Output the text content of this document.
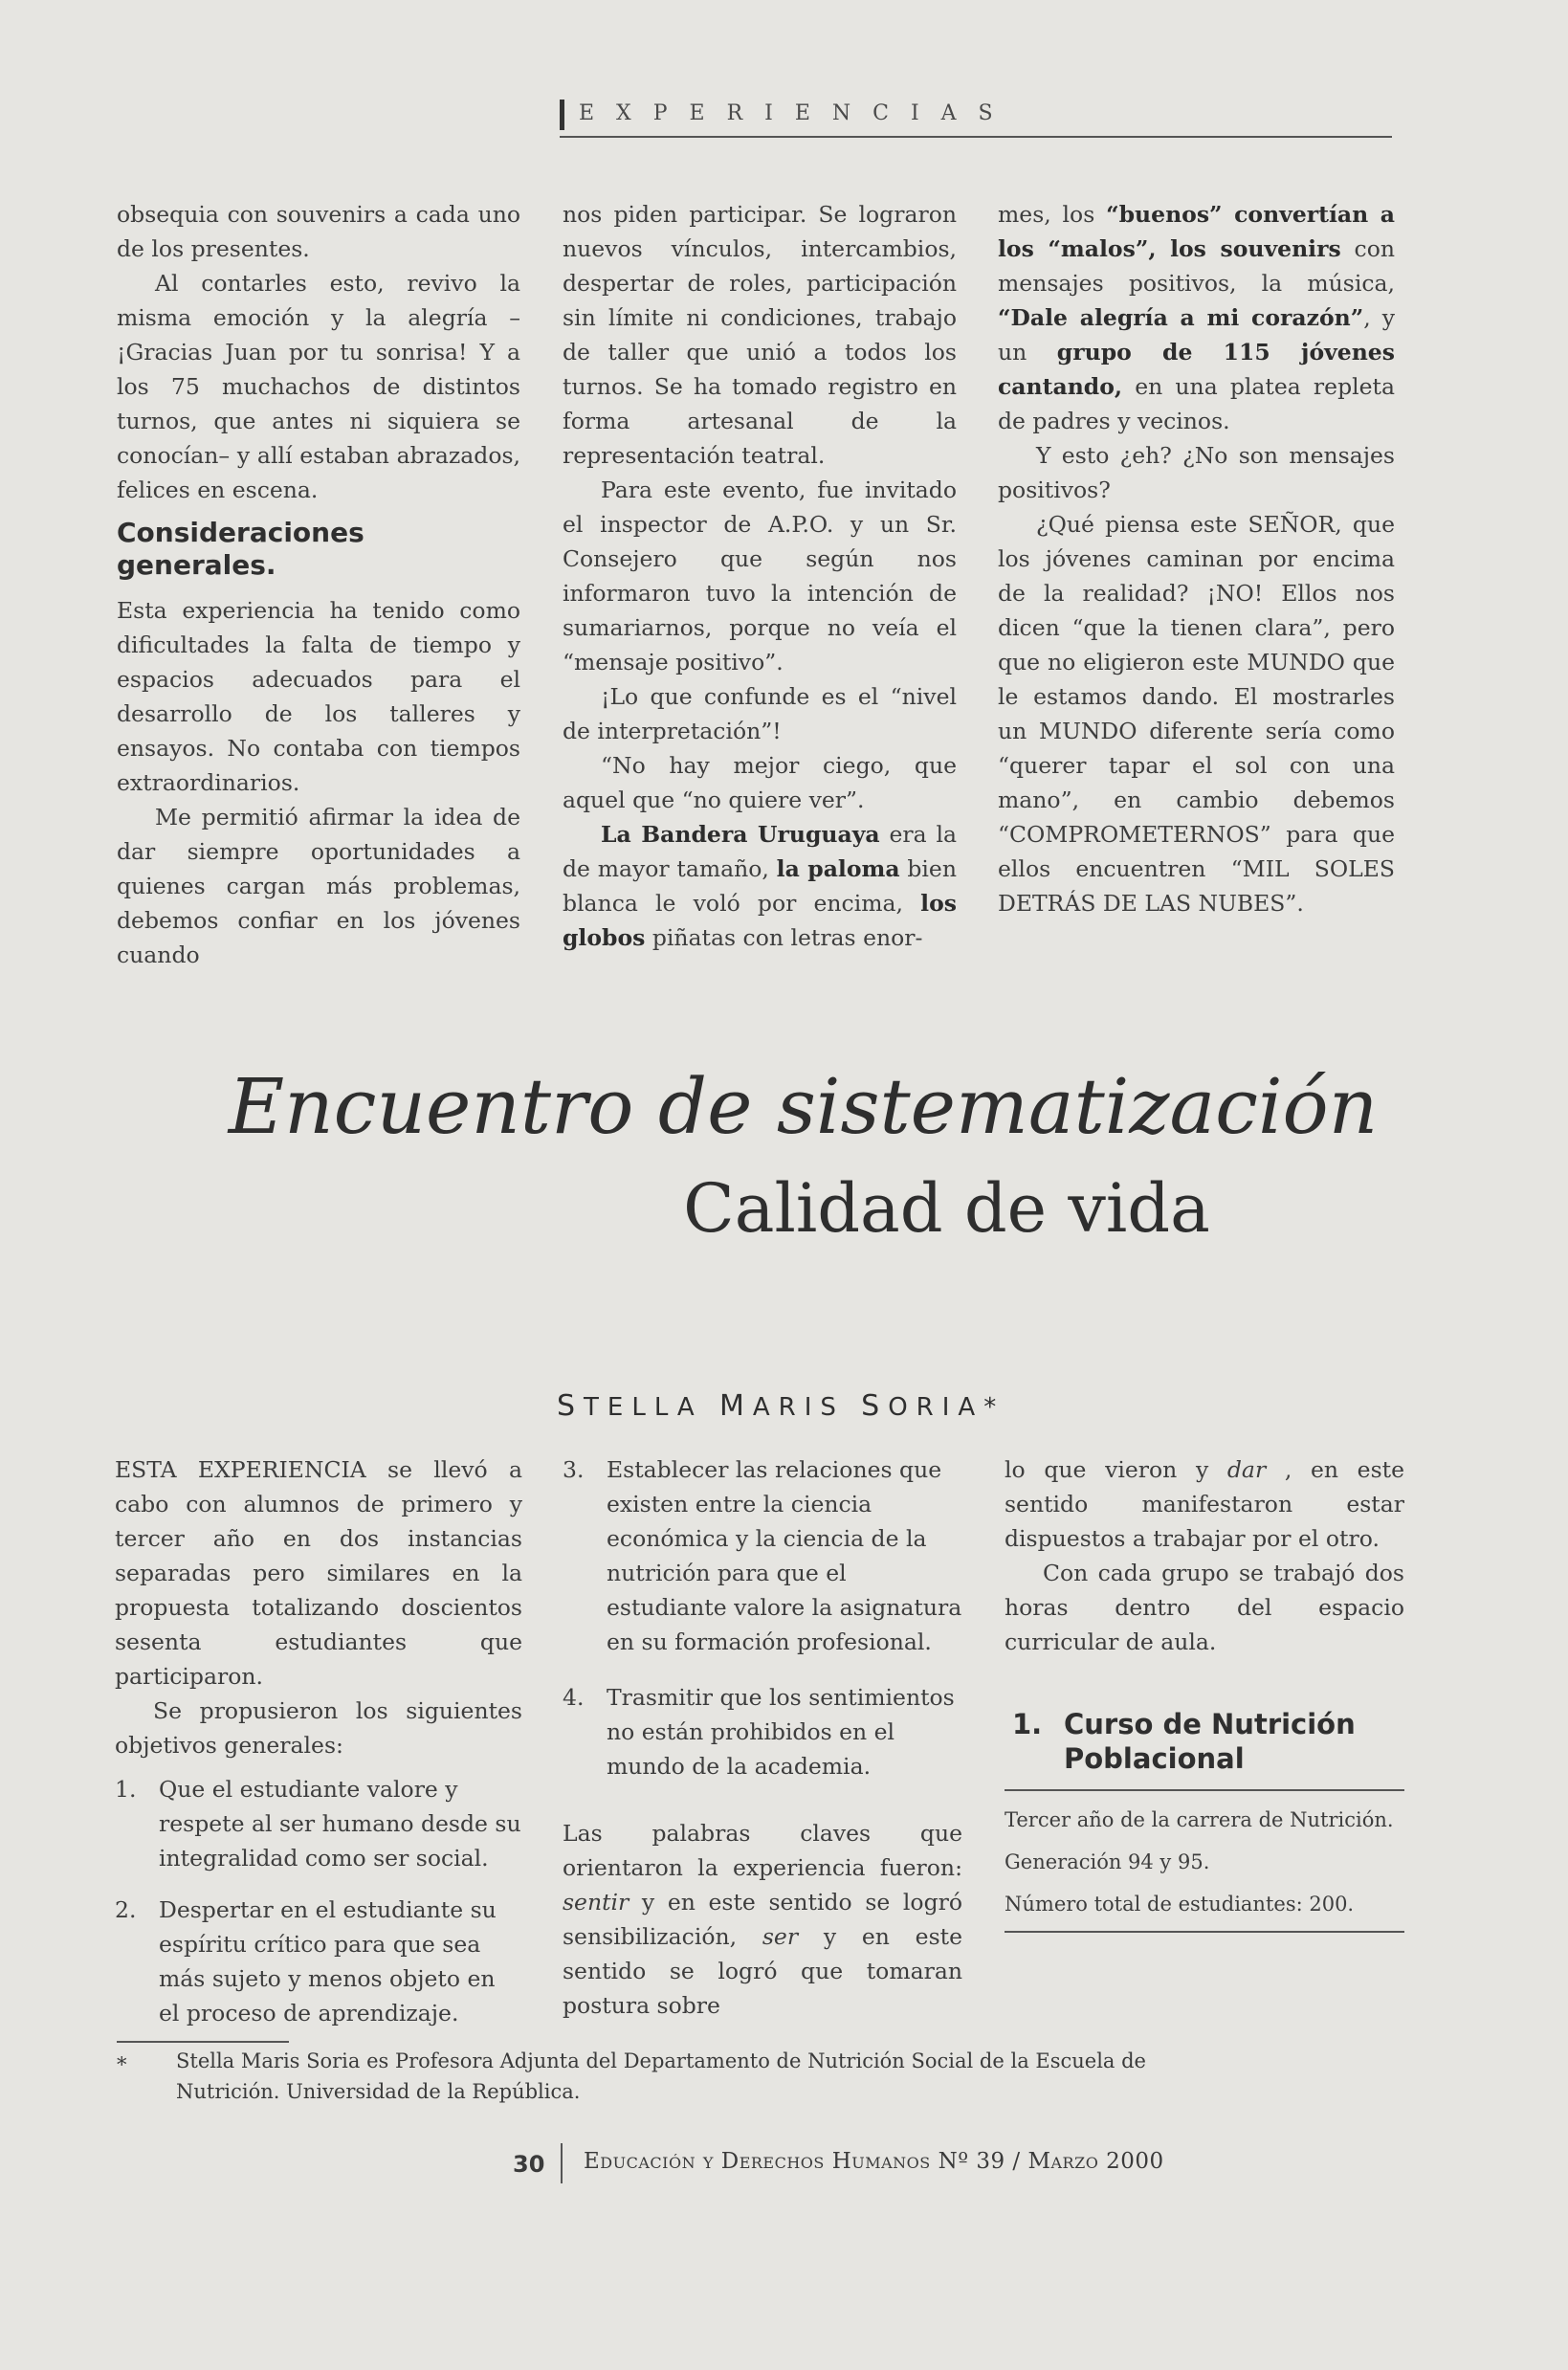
EXPERIENCIAS

obsequia con souvenirs a cada uno de los presentes.

Al contarles esto, revivo la misma emoción y la alegría –¡Gracias Juan por tu sonrisa! Y a los 75 muchachos de distintos turnos, que antes ni siquiera se conocían– y allí estaban abrazados, felices en escena.

Consideraciones generales.

Esta experiencia ha tenido como dificultades la falta de tiempo y espacios adecuados para el desarrollo de los talleres y ensayos. No contaba con tiempos extraordinarios.

Me permitió afirmar la idea de dar siempre oportunidades a quienes cargan más problemas, debemos confiar en los jóvenes cuando

nos piden participar. Se lograron nuevos vínculos, intercambios, despertar de roles, participación sin límite ni condiciones, trabajo de taller que unió a todos los turnos. Se ha tomado registro en forma artesanal de la representación teatral.

Para este evento, fue invitado el inspector de A.P.O. y un Sr. Consejero que según nos informaron tuvo la intención de sumariarnos, porque no veía el “mensaje positivo”.

¡Lo que confunde es el “nivel de interpretación”!

“No hay mejor ciego, que aquel que “no quiere ver”.

La Bandera Uruguaya era la de mayor tamaño, la paloma bien blanca le voló por encima, los globos piñatas con letras enor-

mes, los “buenos” convertían a los “malos”, los souvenirs con mensajes positivos, la música, “Dale alegría a mi corazón”, y un grupo de 115 jóvenes cantando, en una platea repleta de padres y vecinos.

Y esto ¿eh? ¿No son mensajes positivos?

¿Qué piensa este SEÑOR, que los jóvenes caminan por encima de la realidad? ¡NO! Ellos nos dicen “que la tienen clara”, pero que no eligieron este MUNDO que le estamos dando. El mostrarles un MUNDO diferente sería como “querer tapar el sol con una mano”, en cambio debemos “COMPROMETERNOS” para que ellos encuentren “MIL SOLES DETRÁS DE LAS NUBES”.

Encuentro de sistematización
Calidad de vida
STELLA MARIS SORIA*

ESTA EXPERIENCIA se llevó a cabo con alumnos de primero y tercer año en dos instancias separadas pero similares en la propuesta totalizando doscientos sesenta estudiantes que participaron.

Se propusieron los siguientes objetivos generales:

1. Que el estudiante valore y respete al ser humano desde su integralidad como ser social.
2. Despertar en el estudiante su espíritu crítico para que sea más sujeto y menos objeto en el proceso de aprendizaje.
3. Establecer las relaciones que existen entre la ciencia económica y la ciencia de la nutrición para que el estudiante valore la asignatura en su formación profesional.
4. Trasmitir que los sentimientos no están prohibidos en el mundo de la academia.

Las palabras claves que orientaron la experiencia fueron: sentir y en este sentido se logró sensibilización, ser y en este sentido se logró que tomaran postura sobre

lo que vieron y dar , en este sentido manifestaron estar dispuestos a trabajar por el otro.

Con cada grupo se trabajó dos horas dentro del espacio curricular de aula.

1. Curso de Nutrición Poblacional
Tercer año de la carrera de Nutrición.
Generación 94 y 95.
Número total de estudiantes: 200.
* Stella Maris Soria es Profesora Adjunta del Departamento de Nutrición Social de la Escuela de Nutrición. Universidad de la República.
30 Educación y Derechos Humanos Nº 39 / Marzo 2000
